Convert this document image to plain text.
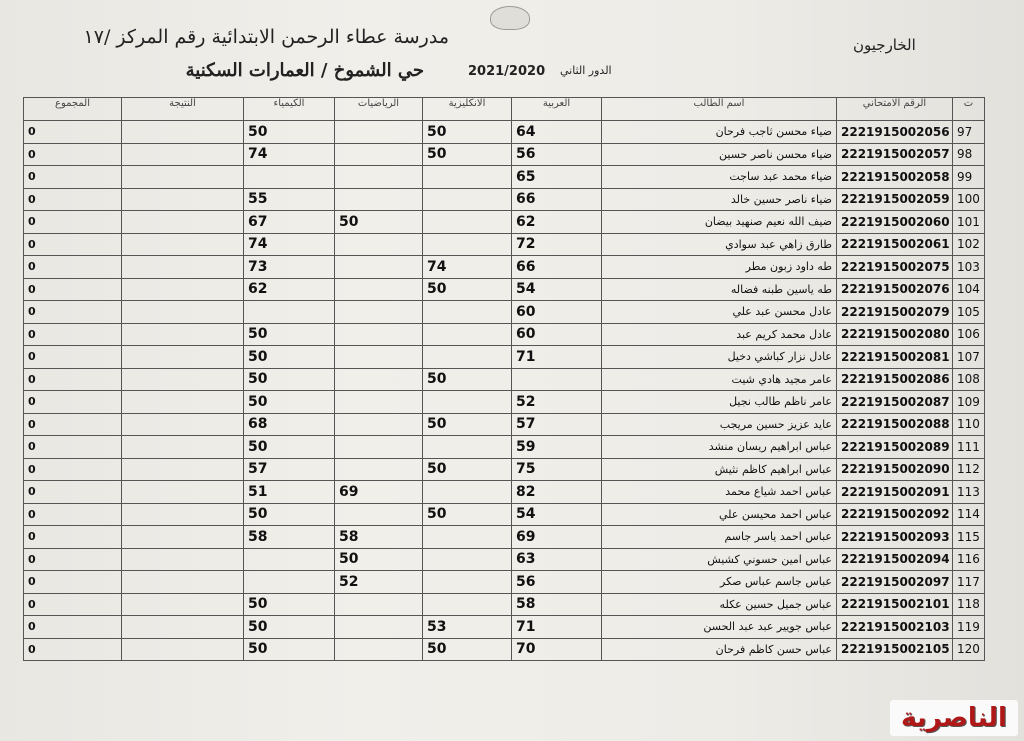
مدرسة عطاء الرحمن الابتدائية رقم المركز /١٧
حي الشموخ / العمارات السكنية
الخارجيون
الدور الثاني
2021/2020
المجموع	النتيجة	الكيمياء	الرياضيات	الانكليزية	العربية	اسم الطالب	الرقم الامتحاني	ت
0		50		50	64	ضياء محسن ثاجب فرحان	2221915002056	97
0		74		50	56	ضياء محسن ناصر حسين	2221915002057	98
0					65	ضياء محمد عبد ساجت	2221915002058	99
0		55			66	ضياء ناصر حسين خالد	2221915002059	100
0		67	50		62	ضيف الله نعيم صنهيد بيضان	2221915002060	101
0		74			72	طارق زاهي عبد سوادي	2221915002061	102
0		73		74	66	طه داود زبون مطر	2221915002075	103
0		62		50	54	طه ياسين طبنه فضاله	2221915002076	104
0					60	عادل محسن عبد علي	2221915002079	105
0		50			60	عادل محمد كريم عبد	2221915002080	106
0		50			71	عادل نزار كباشي دخيل	2221915002081	107
0		50		50		عامر مجيد هادي شيت	2221915002086	108
0		50			52	عامر ناظم طالب نجيل	2221915002087	109
0		68		50	57	عايد عزيز حسين مريجب	2221915002088	110
0		50			59	عباس ابراهيم ريسان منشد	2221915002089	111
0		57		50	75	عباس ابراهيم كاظم نثيش	2221915002090	112
0		51	69		82	عباس احمد شياع محمد	2221915002091	113
0		50		50	54	عباس احمد محيسن علي	2221915002092	114
0		58	58		69	عباس احمد ياسر جاسم	2221915002093	115
0			50		63	عباس امين حسوني كشيش	2221915002094	116
0			52		56	عباس جاسم عباس صكر	2221915002097	117
0		50			58	عباس جميل حسين عكله	2221915002101	118
0		50		53	71	عباس جويير عبد عبد الحسن	2221915002103	119
0		50		50	70	عباس حسن كاظم فرحان	2221915002105	120
الناصرية
